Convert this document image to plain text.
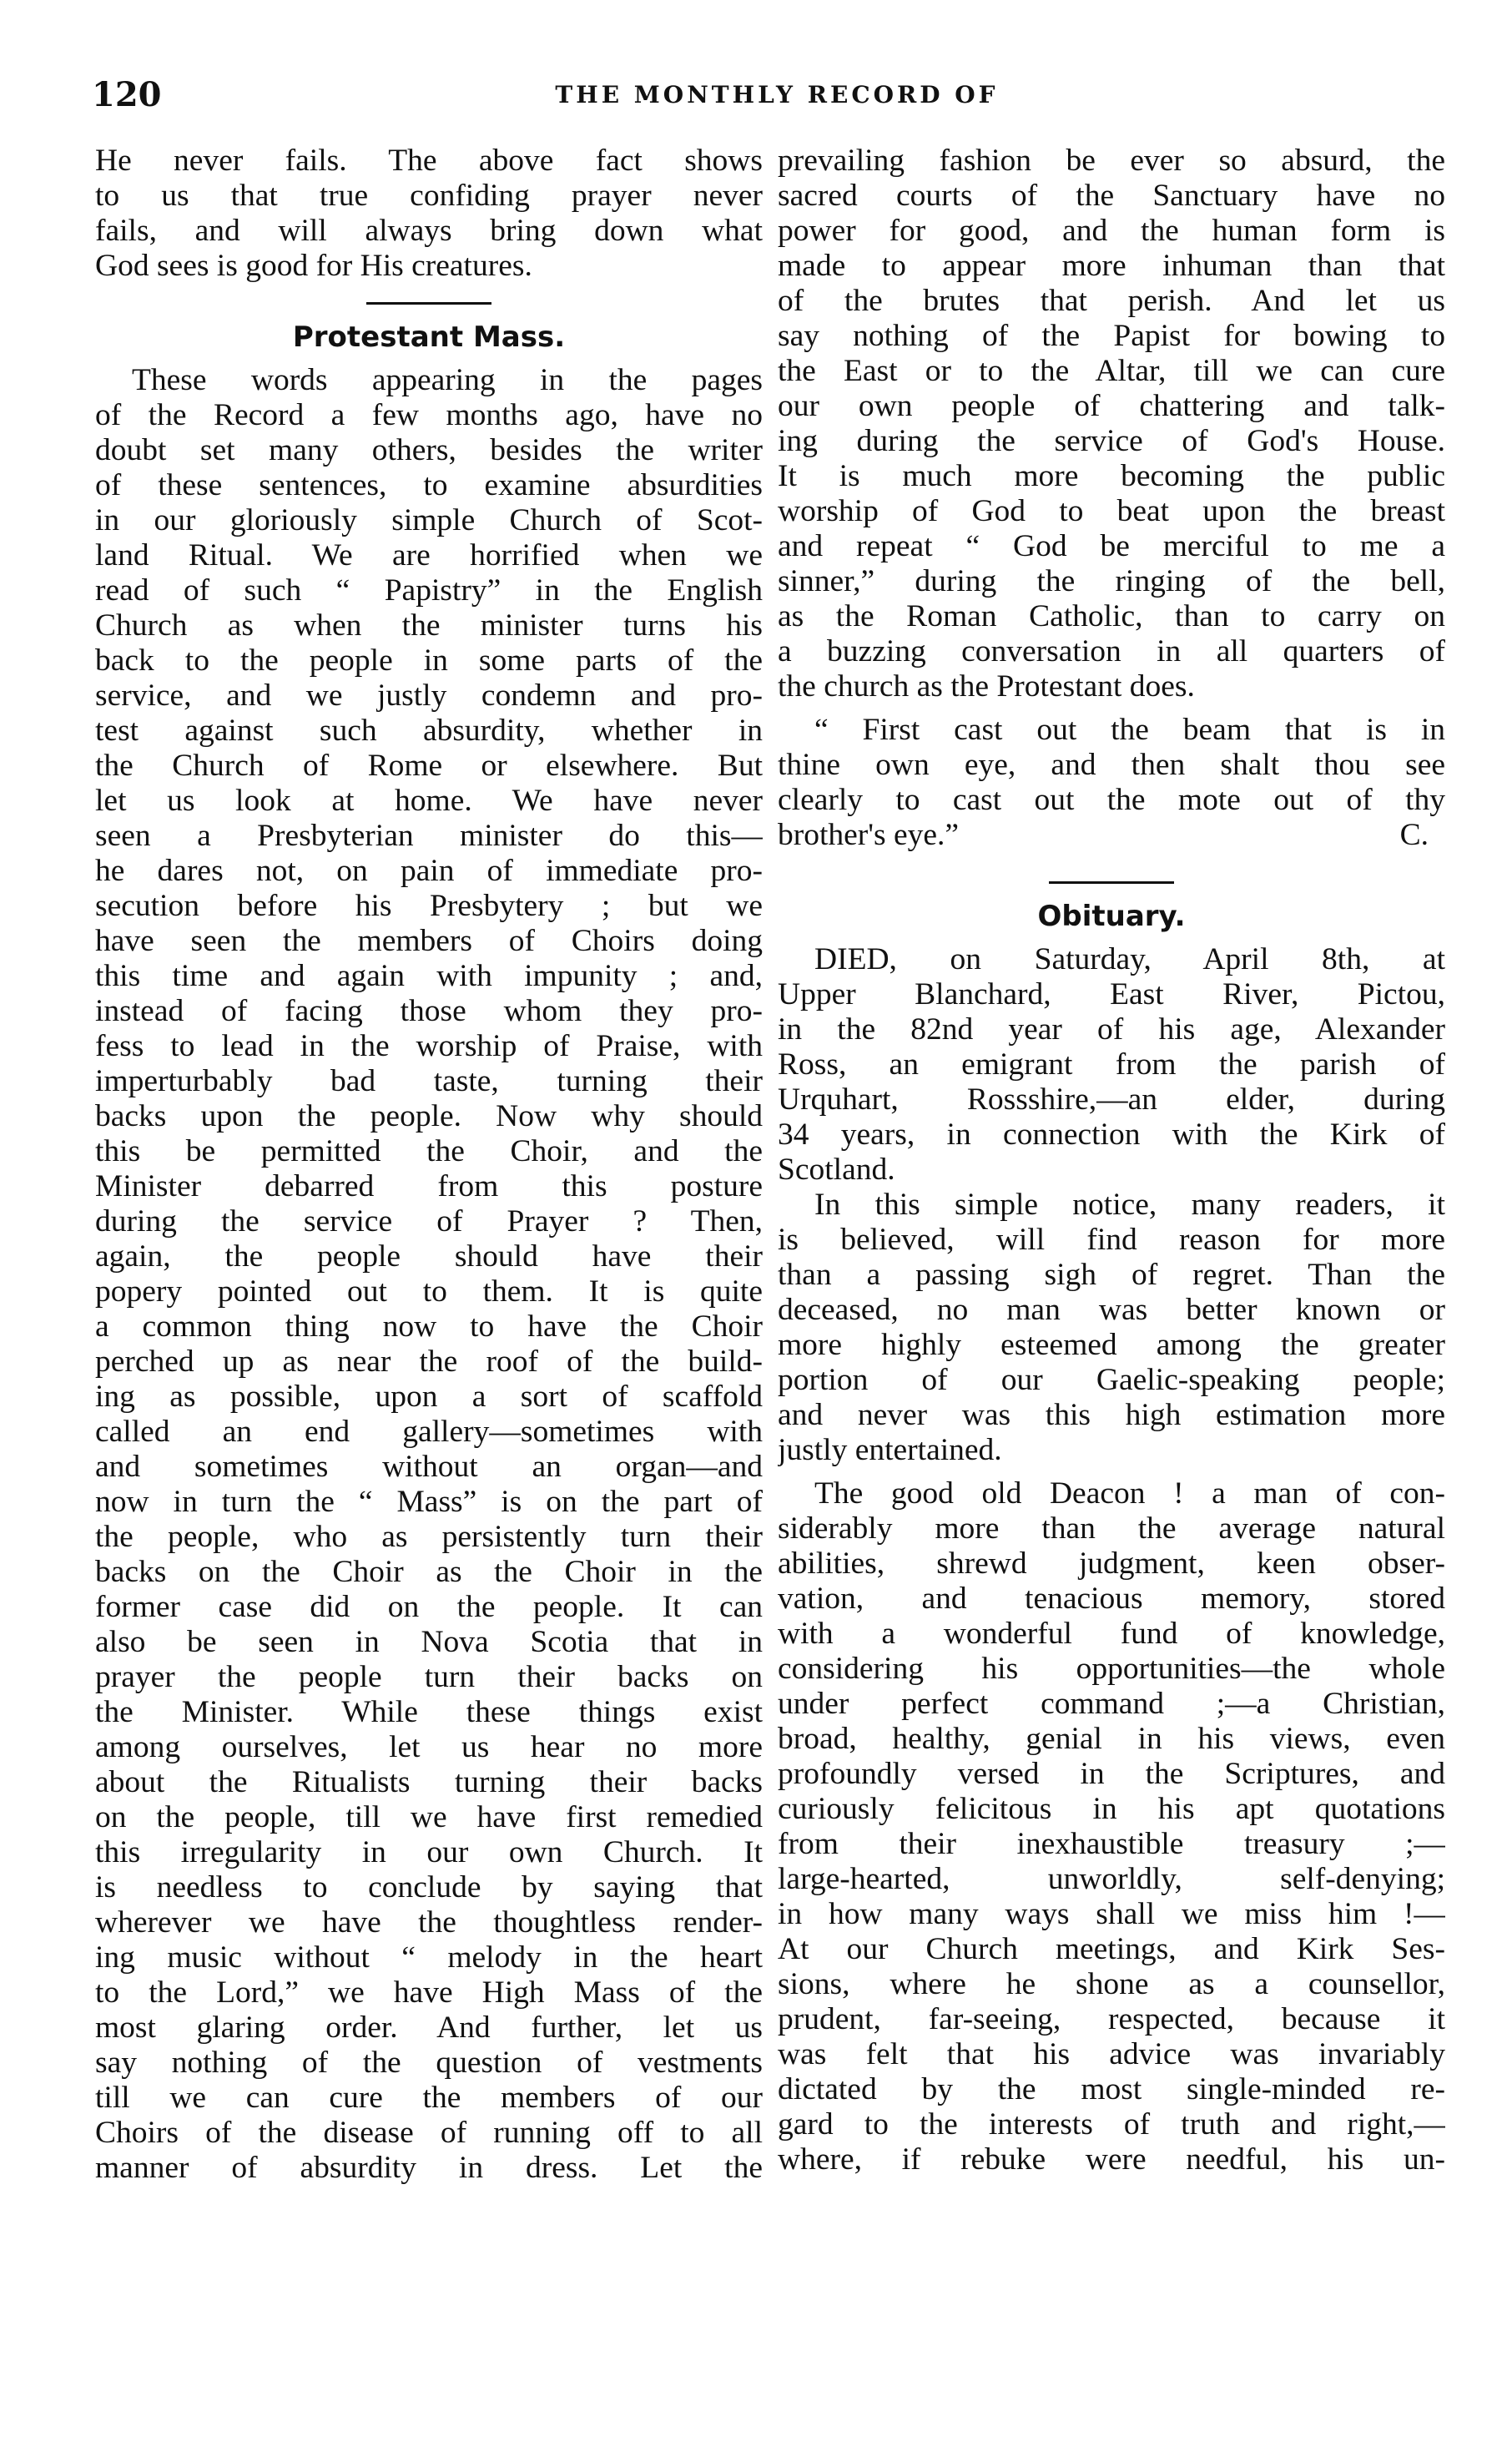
120	THE MONTHLY RECORD OF
He never fails. The above fact shows
to us that true confiding prayer never
fails, and will always bring down what
God sees is good for His creatures.
Protestant Mass.
These words appearing in the pages
of the Record a few months ago, have no
doubt set many others, besides the writer
of these sentences, to examine absurdities
in our gloriously simple Church of Scot-
land Ritual. We are horrified when we
read of such “ Papistry” in the English
Church as when the minister turns his
back to the people in some parts of the
service, and we justly condemn and pro-
test against such absurdity, whether in
the Church of Rome or elsewhere. But
let us look at home. We have never
seen a Presbyterian minister do this—
he dares not, on pain of immediate pro-
secution before his Presbytery ; but we
have seen the members of Choirs doing
this time and again with impunity ; and,
instead of facing those whom they pro-
fess to lead in the worship of Praise, with
imperturbably bad taste, turning their
backs upon the people. Now why should
this be permitted the Choir, and the
Minister debarred from this posture
during the service of Prayer ? Then,
again, the people should have their
popery pointed out to them. It is quite
a common thing now to have the Choir
perched up as near the roof of the build-
ing as possible, upon a sort of scaffold
called an end gallery—sometimes with
and sometimes without an organ—and
now in turn the “ Mass” is on the part of
the people, who as persistently turn their
backs on the Choir as the Choir in the
former case did on the people. It can
also be seen in Nova Scotia that in
prayer the people turn their backs on
the Minister. While these things exist
among ourselves, let us hear no more
about the Ritualists turning their backs
on the people, till we have first remedied
this irregularity in our own Church. It
is needless to conclude by saying that
wherever we have the thoughtless render-
ing music without “ melody in the heart
to the Lord,” we have High Mass of the
most glaring order. And further, let us
say nothing of the question of vestments
till we can cure the members of our
Choirs of the disease of running off to all
manner of absurdity in dress. Let the
prevailing fashion be ever so absurd, the
sacred courts of the Sanctuary have no
power for good, and the human form is
made to appear more inhuman than that
of the brutes that perish. And let us
say nothing of the Papist for bowing to
the East or to the Altar, till we can cure
our own people of chattering and talk-
ing during the service of God's House.
It is much more becoming the public
worship of God to beat upon the breast
and repeat “ God be merciful to me a
sinner,” during the ringing of the bell,
as the Roman Catholic, than to carry on
a buzzing conversation in all quarters of
the church as the Protestant does.
“ First cast out the beam that is in
thine own eye, and then shalt thou see
clearly to cast out the mote out of thy
brother's eye.”	C.
Obituary.
DIED, on Saturday, April 8th, at
Upper Blanchard, East River, Pictou,
in the 82nd year of his age, Alexander
Ross, an emigrant from the parish of
Urquhart, Rossshire,—an elder, during
34 years, in connection with the Kirk of
Scotland.
In this simple notice, many readers, it
is believed, will find reason for more
than a passing sigh of regret. Than the
deceased, no man was better known or
more highly esteemed among the greater
portion of our Gaelic-speaking people;
and never was this high estimation more
justly entertained.
The good old Deacon ! a man of con-
siderably more than the average natural
abilities, shrewd judgment, keen obser-
vation, and tenacious memory, stored
with a wonderful fund of knowledge,
considering his opportunities—the whole
under perfect command ;—a Christian,
broad, healthy, genial in his views, even
profoundly versed in the Scriptures, and
curiously felicitous in his apt quotations
from their inexhaustible treasury ;—
large-hearted, unworldly, self-denying;
in how many ways shall we miss him !—
At our Church meetings, and Kirk Ses-
sions, where he shone as a counsellor,
prudent, far-seeing, respected, because it
was felt that his advice was invariably
dictated by the most single-minded re-
gard to the interests of truth and right,—
where, if rebuke were needful, his un-
